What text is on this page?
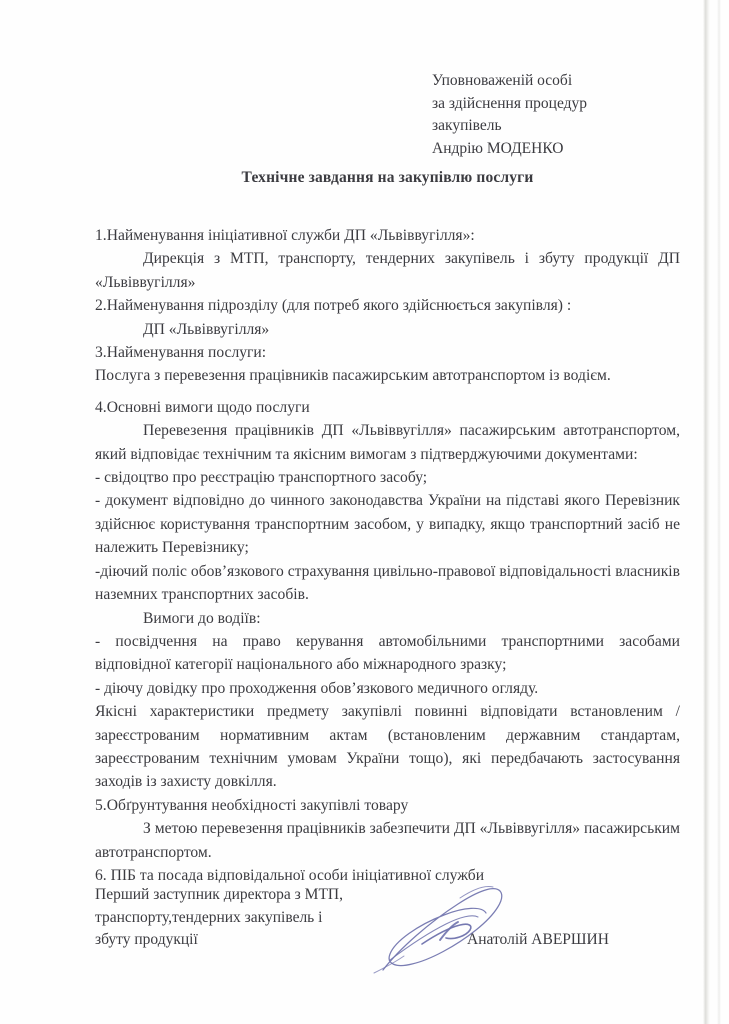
Уповноваженій особі
за здійснення процедур
закупівель
Андрію МОДЕНКО
Технічне завдання на закупівлю послуги

1.Найменування ініціативної служби ДП «Львіввугілля»:

Дирекція з МТП, транспорту, тендерних закупівель і збуту продукції ДП «Львіввугілля»

2.Найменування підрозділу (для потреб якого здійснюється закупівля) :

ДП «Львіввугілля»

3.Найменування послуги:

Послуга з перевезення працівників пасажирським автотранспортом із водієм.

4.Основні вимоги щодо послуги

Перевезення працівників ДП «Львіввугілля» пасажирським автотранспортом, який відповідає технічним та якісним вимогам з підтверджуючими документами:

- свідоцтво про реєстрацію транспортного засобу;

- документ відповідно до чинного законодавства України на підставі якого Перевізник здійснює користування транспортним засобом, у випадку, якщо транспортний засіб не належить Перевізнику;

-діючий поліс обов’язкового страхування цивільно-правової відповідальності власників наземних транспортних засобів.

Вимоги до водіїв:

- посвідчення на право керування автомобільними транспортними засобами відповідної категорії національного або міжнародного зразку;

- діючу довідку про проходження обов’язкового медичного огляду.

Якісні характеристики предмету закупівлі повинні відповідати встановленим /зареєстрованим нормативним актам (встановленим державним стандартам, зареєстрованим технічним умовам України тощо), які передбачають застосування заходів із захисту довкілля.

5.Обґрунтування необхідності закупівлі товару

З метою перевезення працівників забезпечити ДП «Львіввугілля» пасажирським автотранспортом.

6. ПІБ та посада відповідальної особи ініціативної служби

Перший заступник директора з МТП,
транспорту,тендерних закупівель і
збуту продукції	Анатолій АВЕРШИН
